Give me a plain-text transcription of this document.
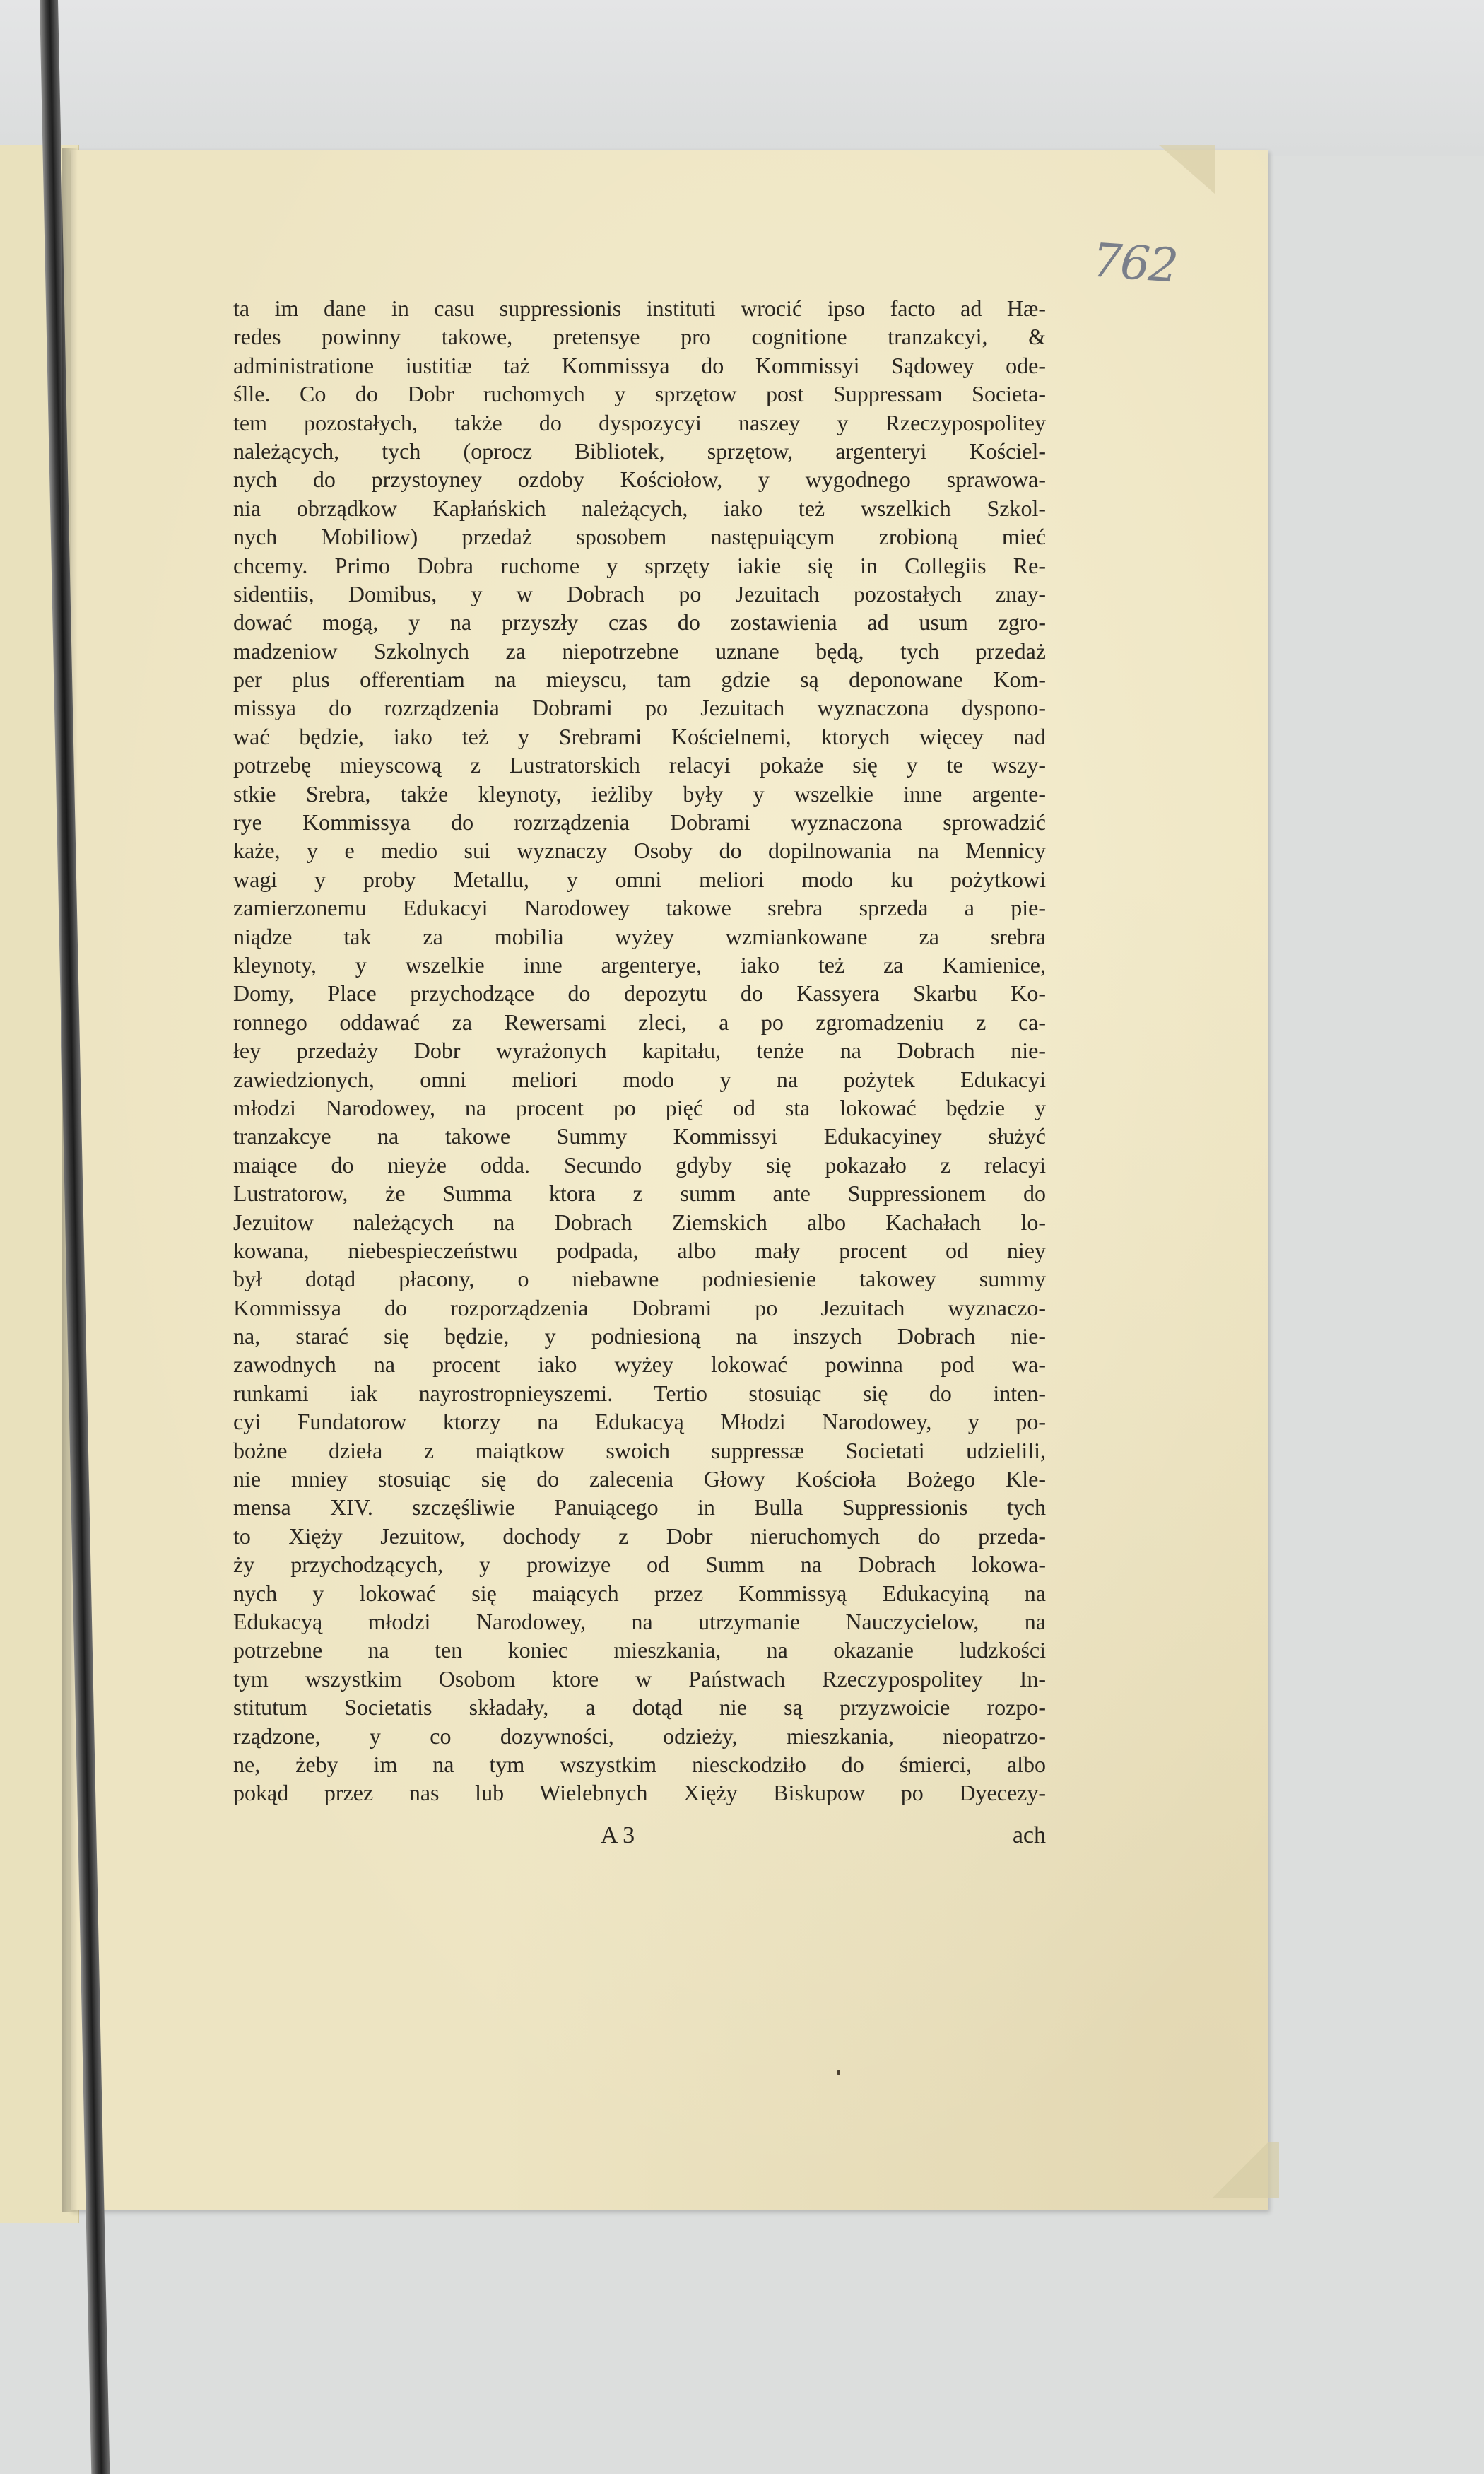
762
ta im dane in casu suppressionis instituti wrocić ipso facto ad Hæ-
redes powinny takowe, pretensye pro cognitione tranzakcyi, &
administratione iustitiæ taż Kommissya do Kommissyi Sądowey ode-
ślle. Co do Dobr ruchomych y sprzętow post Suppressam Societa-
tem pozostałych, także do dyspozycyi naszey y Rzeczypospolitey
należących, tych (oprocz Bibliotek, sprzętow, argenteryi Kościel-
nych do przystoyney ozdoby Kościołow, y wygodnego sprawowa-
nia obrządkow Kapłańskich należących, iako też wszelkich Szkol-
nych Mobiliow) przedaż sposobem następuiącym zrobioną mieć
chcemy. Primo Dobra ruchome y sprzęty iakie się in Collegiis Re-
sidentiis, Domibus, y w Dobrach po Jezuitach pozostałych znay-
dować mogą, y na przyszły czas do zostawienia ad usum zgro-
madzeniow Szkolnych za niepotrzebne uznane będą, tych przedaż
per plus offerentiam na mieyscu, tam gdzie są deponowane Kom-
missya do rozrządzenia Dobrami po Jezuitach wyznaczona dyspono-
wać będzie, iako też y Srebrami Kościelnemi, ktorych więcey nad
potrzebę mieyscową z Lustratorskich relacyi pokaże się y te wszy-
stkie Srebra, także kleynoty, ieżliby były y wszelkie inne argente-
rye Kommissya do rozrządzenia Dobrami wyznaczona sprowadzić
każe, y e medio sui wyznaczy Osoby do dopilnowania na Mennicy
wagi y proby Metallu, y omni meliori modo ku pożytkowi
zamierzonemu Edukacyi Narodowey takowe srebra sprzeda a pie-
niądze tak za mobilia wyżey wzmiankowane za srebra
kleynoty, y wszelkie inne argenterye, iako też za Kamienice,
Domy, Place przychodzące do depozytu do Kassyera Skarbu Ko-
ronnego oddawać za Rewersami zleci, a po zgromadzeniu z ca-
łey przedaży Dobr wyrażonych kapitału, tenże na Dobrach nie-
zawiedzionych, omni meliori modo y na pożytek Edukacyi
młodzi Narodowey, na procent po pięć od sta lokować będzie y
tranzakcye na takowe Summy Kommissyi Edukacyiney służyć
maiące do nieyże odda. Secundo gdyby się pokazało z relacyi
Lustratorow, że Summa ktora z summ ante Suppressionem do
Jezuitow należących na Dobrach Ziemskich albo Kachałach lo-
kowana, niebespieczeństwu podpada, albo mały procent od niey
był dotąd płacony, o niebawne podniesienie takowey summy
Kommissya do rozporządzenia Dobrami po Jezuitach wyznaczo-
na, starać się będzie, y podniesioną na inszych Dobrach nie-
zawodnych na procent iako wyżey lokować powinna pod wa-
runkami iak nayrostropnieyszemi. Tertio stosuiąc się do inten-
cyi Fundatorow ktorzy na Edukacyą Młodzi Narodowey, y po-
bożne dzieła z maiątkow swoich suppressæ Societati udzielili,
nie mniey stosuiąc się do zalecenia Głowy Kościoła Bożego Kle-
mensa XIV. szczęśliwie Panuiącego in Bulla Suppressionis tych
to Xięży Jezuitow, dochody z Dobr nieruchomych do przeda-
ży przychodzących, y prowizye od Summ na Dobrach lokowa-
nych y lokować się maiących przez Kommissyą Edukacyiną na
Edukacyą młodzi Narodowey, na utrzymanie Nauczycielow, na
potrzebne na ten koniec mieszkania, na okazanie ludzkości
tym wszystkim Osobom ktore w Państwach Rzeczypospolitey In-
stitutum Societatis składały, a dotąd nie są przyzwoicie rozpo-
rządzone, y co dozywności, odzieży, mieszkania, nieopatrzo-
ne, żeby im na tym wszystkim niesckodziło do śmierci, albo
pokąd przez nas lub Wielebnych Xięży Biskupow po Dyecezy-
A 3	ach
